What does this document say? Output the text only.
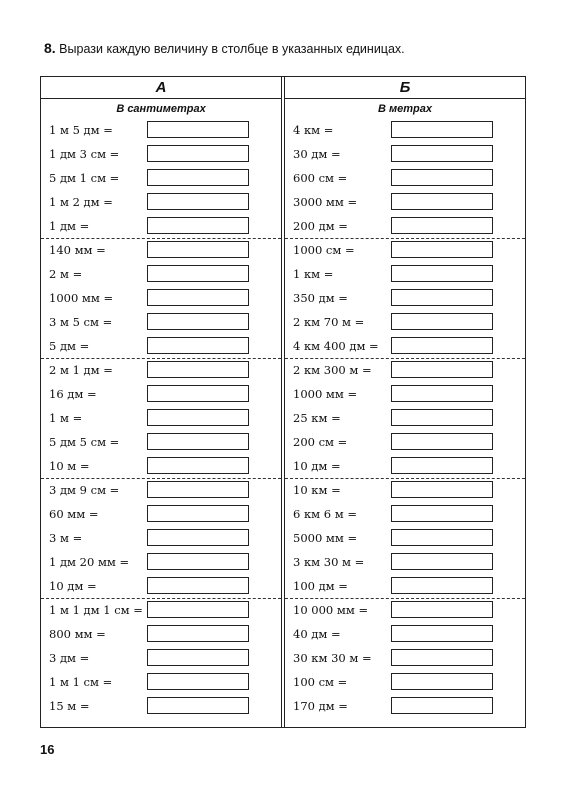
8. Вырази каждую величину в столбце в указанных единицах.
А	Б
В сантиметрах	В метрах
1 м 5 дм =
1 дм 3 см =
5 дм 1 см =
1 м 2 дм =
1 дм =
140 мм =
2 м =
1000 мм =
3 м 5 см =
5 дм =
2 м 1 дм =
16 дм =
1 м =
5 дм 5 см =
10 м =
3 дм 9 см =
60 мм =
3 м =
1 дм 20 мм =
10 дм =
1 м 1 дм 1 см =
800 мм =
3 дм =
1 м 1 см =
15 м =
4 км =
30 дм =
600 см =
3000 мм =
200 дм =
1000 см =
1 км =
350 дм =
2 км 70 м =
4 км 400 дм =
2 км 300 м =
1000 мм =
25 км =
200 см =
10 дм =
10 км =
6 км 6 м =
5000 мм =
3 км 30 м =
100 дм =
10 000 мм =
40 дм =
30 км 30 м =
100 см =
170 дм =
16
